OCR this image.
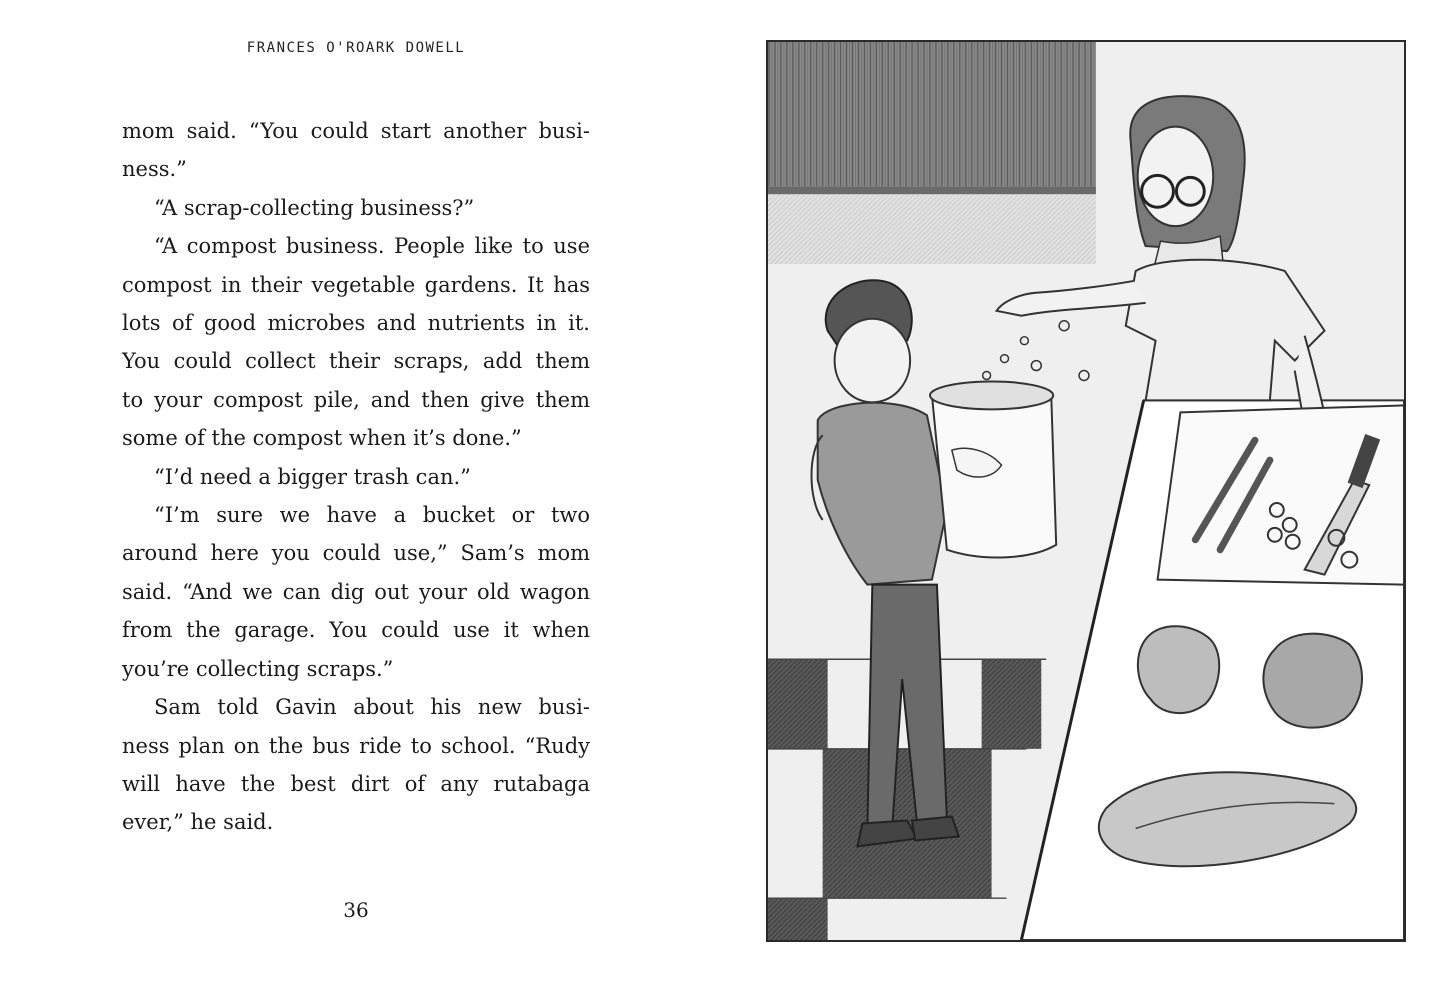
FRANCES O'ROARK DOWELL

mom said. “You could start another busi-
ness.”

“A scrap-collecting business?”

“A compost business. People like to use
compost in their vegetable gardens. It has
lots of good microbes and nutrients in it.
You could collect their scraps, add them
to your compost pile, and then give them
some of the compost when it’s done.”

“I’d need a bigger trash can.”

“I’m sure we have a bucket or two
around here you could use,” Sam’s mom
said. “And we can dig out your old wagon
from the garage. You could use it when
you’re collecting scraps.”

Sam told Gavin about his new busi-
ness plan on the bus ride to school. “Rudy
will have the best dirt of any rutabaga
ever,” he said.

36
